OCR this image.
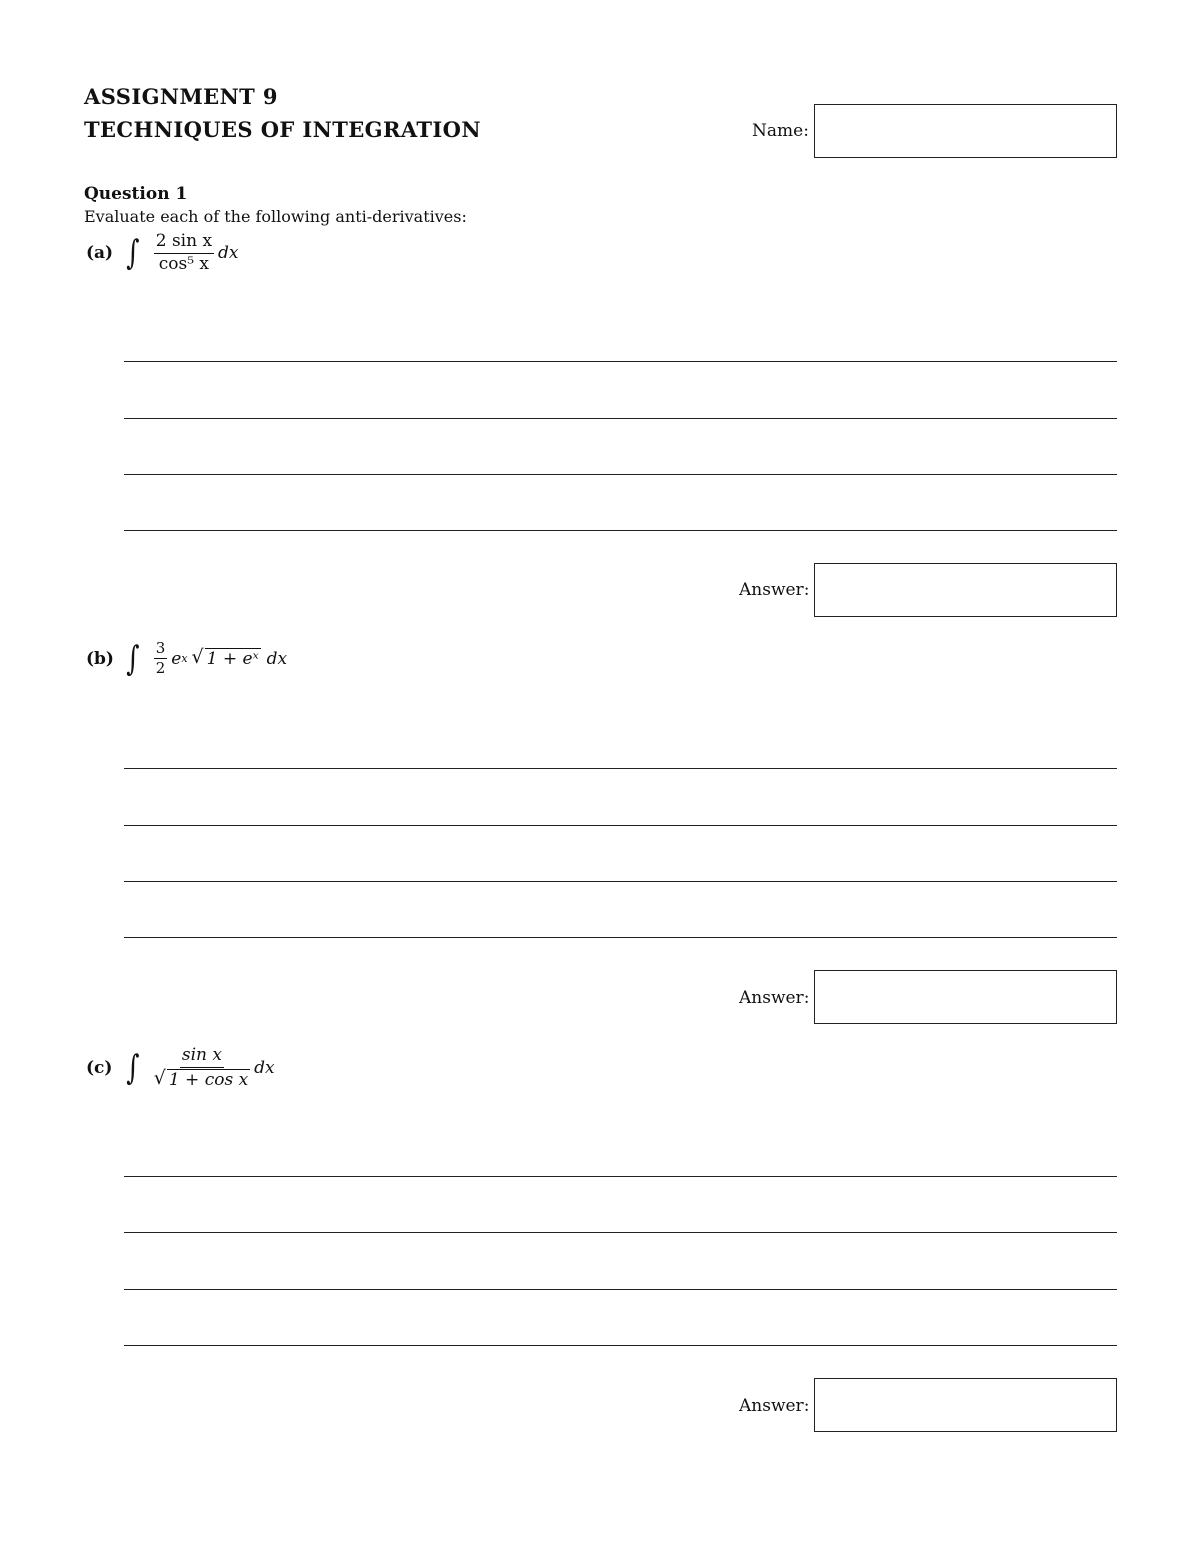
ASSIGNMENT 9
TECHNIQUES OF INTEGRATION	Name:
Question 1
Evaluate each of the following anti-derivatives:
(a) ∫ $\frac{\text{2 sin x}}{\text{cos⁵ x}}$ dx
Answer:
(b) ∫ $\frac{3}{2}$ e x √ 1 + eˣ dx
Answer:
(c) ∫ $\frac{\text{sin x}}{\text{√ 1 + cos x}}$ dx
Answer:
